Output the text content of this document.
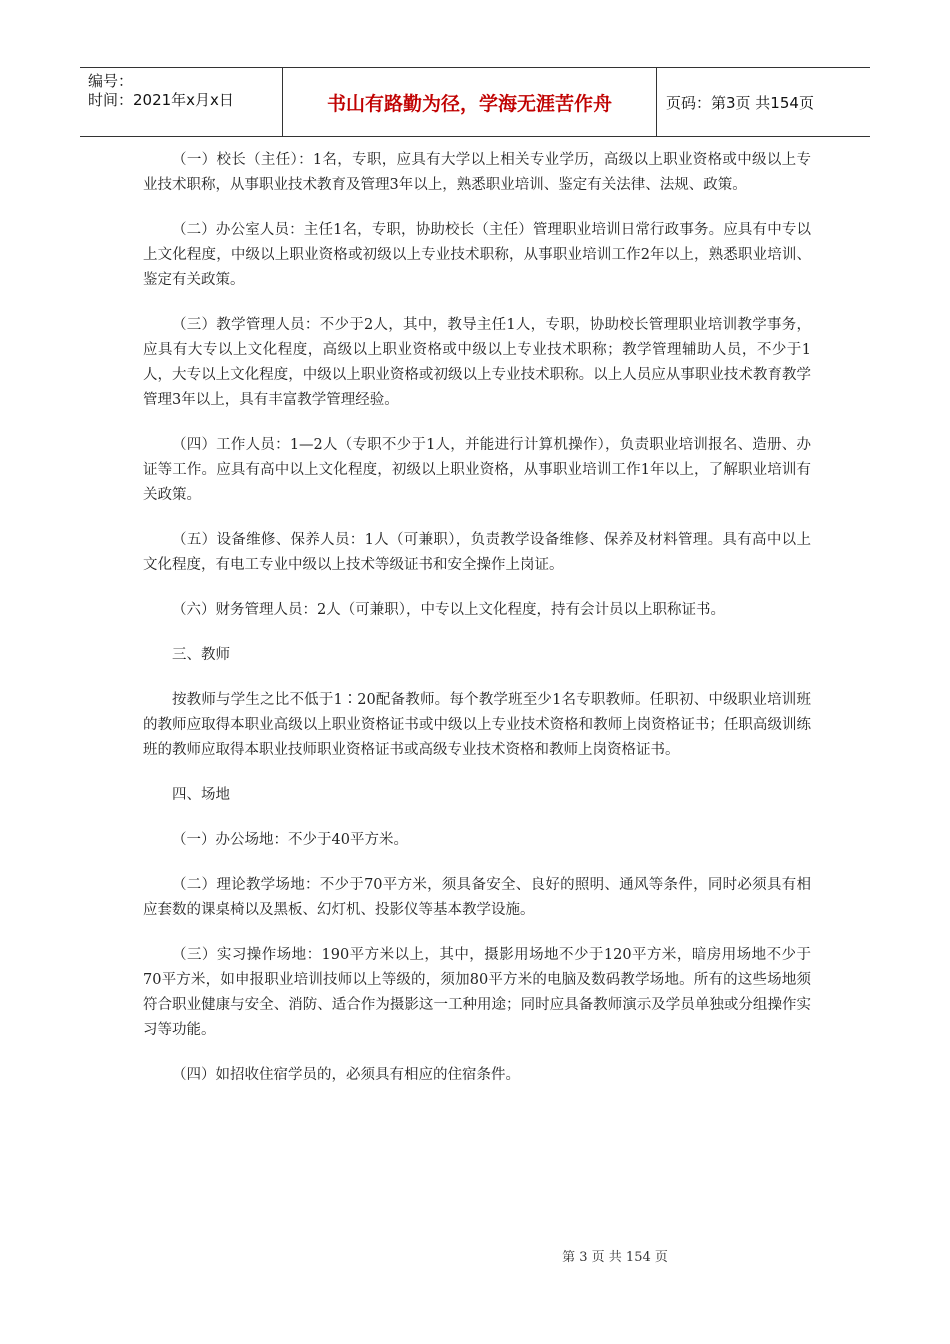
编号：
时间：2021年x月x日	书山有路勤为径，学海无涯苦作舟	页码：第3页 共154页

（一）校长（主任）：1名，专职，应具有大学以上相关专业学历，高级以上职业资格或中级以上专业技术职称，从事职业技术教育及管理3年以上，熟悉职业培训、鉴定有关法律、法规、政策。

（二）办公室人员：主任1名，专职，协助校长（主任）管理职业培训日常行政事务。应具有中专以上文化程度，中级以上职业资格或初级以上专业技术职称，从事职业培训工作2年以上，熟悉职业培训、鉴定有关政策。

（三）教学管理人员：不少于2人，其中，教导主任1人，专职，协助校长管理职业培训教学事务，应具有大专以上文化程度，高级以上职业资格或中级以上专业技术职称；教学管理辅助人员，不少于1人，大专以上文化程度，中级以上职业资格或初级以上专业技术职称。以上人员应从事职业技术教育教学管理3年以上，具有丰富教学管理经验。

（四）工作人员：1—2人（专职不少于1人，并能进行计算机操作），负责职业培训报名、造册、办证等工作。应具有高中以上文化程度，初级以上职业资格，从事职业培训工作1年以上，了解职业培训有关政策。

（五）设备维修、保养人员：1人（可兼职），负责教学设备维修、保养及材料管理。具有高中以上文化程度，有电工专业中级以上技术等级证书和安全操作上岗证。

（六）财务管理人员：2人（可兼职），中专以上文化程度，持有会计员以上职称证书。

三、教师

按教师与学生之比不低于1∶20配备教师。每个教学班至少1名专职教师。任职初、中级职业培训班的教师应取得本职业高级以上职业资格证书或中级以上专业技术资格和教师上岗资格证书；任职高级训练班的教师应取得本职业技师职业资格证书或高级专业技术资格和教师上岗资格证书。

四、场地

（一）办公场地：不少于40平方米。

（二）理论教学场地：不少于70平方米，须具备安全、良好的照明、通风等条件，同时必须具有相应套数的课桌椅以及黑板、幻灯机、投影仪等基本教学设施。

（三）实习操作场地：190平方米以上，其中，摄影用场地不少于120平方米，暗房用场地不少于70平方米，如申报职业培训技师以上等级的，须加80平方米的电脑及数码教学场地。所有的这些场地须符合职业健康与安全、消防、适合作为摄影这一工种用途；同时应具备教师演示及学员单独或分组操作实习等功能。

（四）如招收住宿学员的，必须具有相应的住宿条件。

第 3 页 共 154 页
